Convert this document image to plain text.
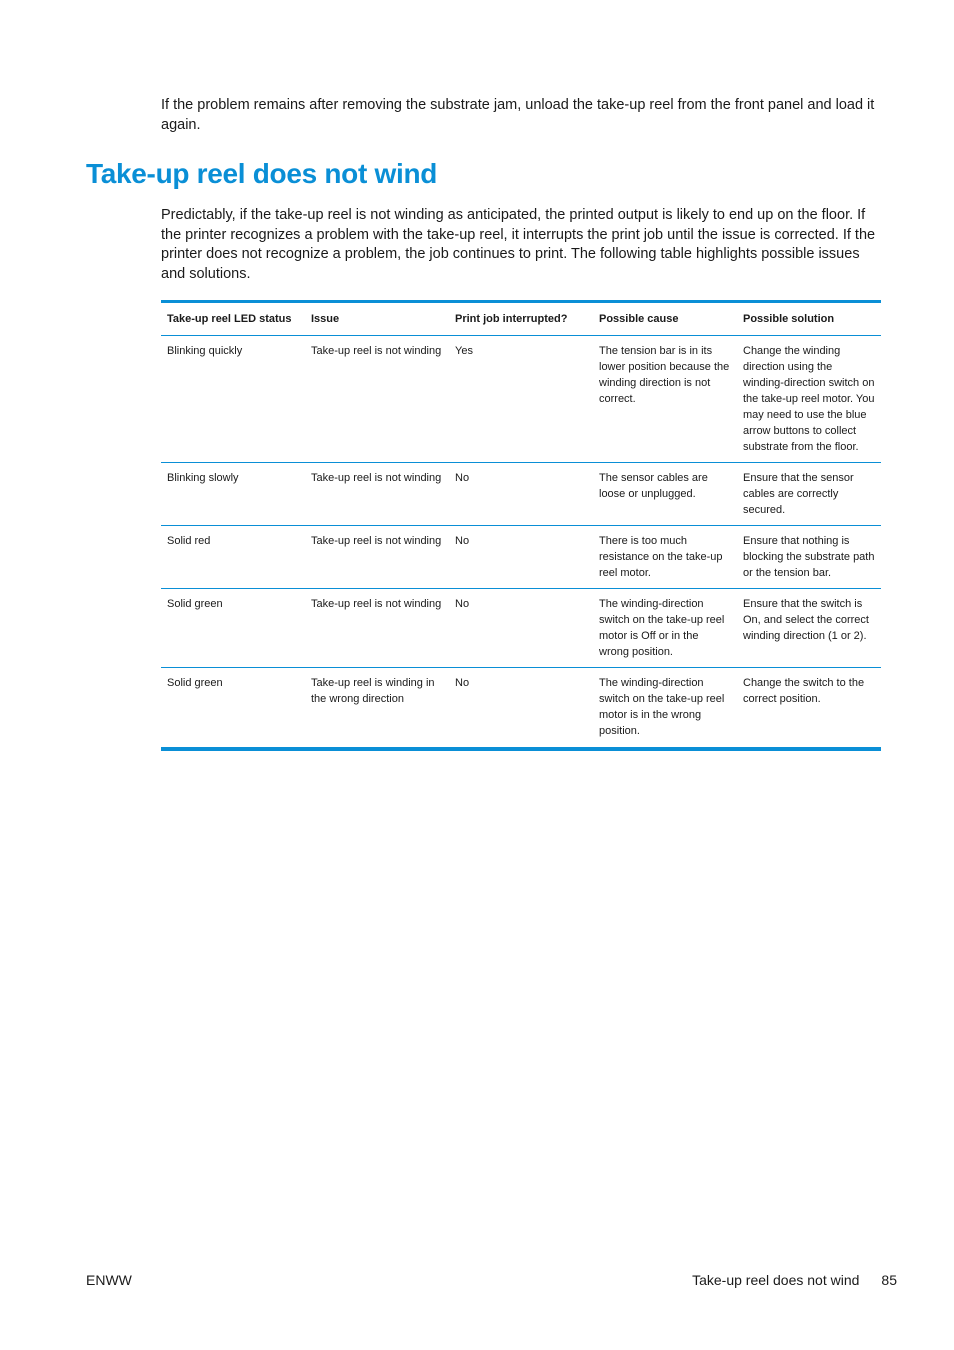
If the problem remains after removing the substrate jam, unload the take-up reel from the front panel and load it again.

Take-up reel does not wind

Predictably, if the take-up reel is not winding as anticipated, the printed output is likely to end up on the floor. If the printer recognizes a problem with the take-up reel, it interrupts the print job until the issue is corrected. If the printer does not recognize a problem, the job continues to print. The following table highlights possible issues and solutions.

Take-up reel LED status	Issue	Print job interrupted?	Possible cause	Possible solution
Blinking quickly	Take-up reel is not winding	Yes	The tension bar is in its lower position because the winding direction is not correct.	Change the winding direction using the winding-direction switch on the take-up reel motor. You may need to use the blue arrow buttons to collect substrate from the floor.
Blinking slowly	Take-up reel is not winding	No	The sensor cables are loose or unplugged.	Ensure that the sensor cables are correctly secured.
Solid red	Take-up reel is not winding	No	There is too much resistance on the take-up reel motor.	Ensure that nothing is blocking the substrate path or the tension bar.
Solid green	Take-up reel is not winding	No	The winding-direction switch on the take-up reel motor is Off or in the wrong position.	Ensure that the switch is On, and select the correct winding direction (1 or 2).
Solid green	Take-up reel is winding in the wrong direction	No	The winding-direction switch on the take-up reel motor is in the wrong position.	Change the switch to the correct position.
ENWW	Take-up reel does not wind 85
